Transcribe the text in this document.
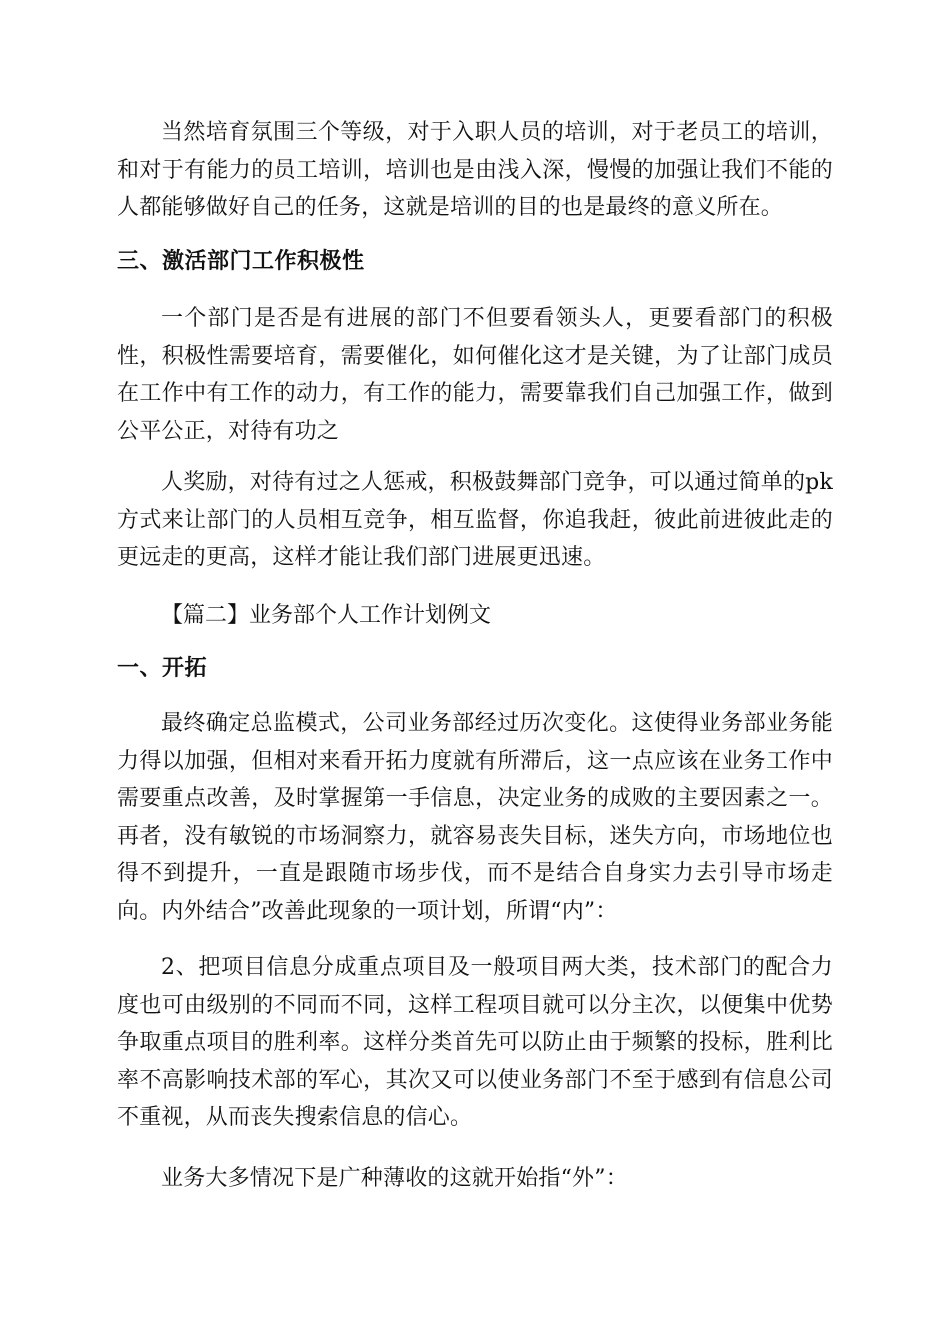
当然培育氛围三个等级，对于入职人员的培训，对于老员工的培训，和对于有能力的员工培训，培训也是由浅入深，慢慢的加强让我们不能的人都能够做好自己的任务，这就是培训的目的也是最终的意义所在。

三、激活部门工作积极性

一个部门是否是有进展的部门不但要看领头人，更要看部门的积极性，积极性需要培育，需要催化，如何催化这才是关键，为了让部门成员在工作中有工作的动力，有工作的能力，需要靠我们自己加强工作，做到公平公正，对待有功之

人奖励，对待有过之人惩戒，积极鼓舞部门竞争，可以通过简单的pk方式来让部门的人员相互竞争，相互监督，你追我赶，彼此前进彼此走的更远走的更高，这样才能让我们部门进展更迅速。

【篇二】业务部个人工作计划例文

一、开拓

最终确定总监模式，公司业务部经过历次变化。这使得业务部业务能力得以加强，但相对来看开拓力度就有所滞后，这一点应该在业务工作中需要重点改善，及时掌握第一手信息，决定业务的成败的主要因素之一。再者，没有敏锐的市场洞察力，就容易丧失目标，迷失方向，市场地位也得不到提升，一直是跟随市场步伐，而不是结合自身实力去引导市场走向。内外结合”改善此现象的一项计划，所谓“内”：

2、把项目信息分成重点项目及一般项目两大类，技术部门的配合力度也可由级别的不同而不同，这样工程项目就可以分主次，以便集中优势争取重点项目的胜利率。这样分类首先可以防止由于频繁的投标，胜利比率不高影响技术部的军心，其次又可以使业务部门不至于感到有信息公司不重视，从而丧失搜索信息的信心。

业务大多情况下是广种薄收的这就开始指“外”：
